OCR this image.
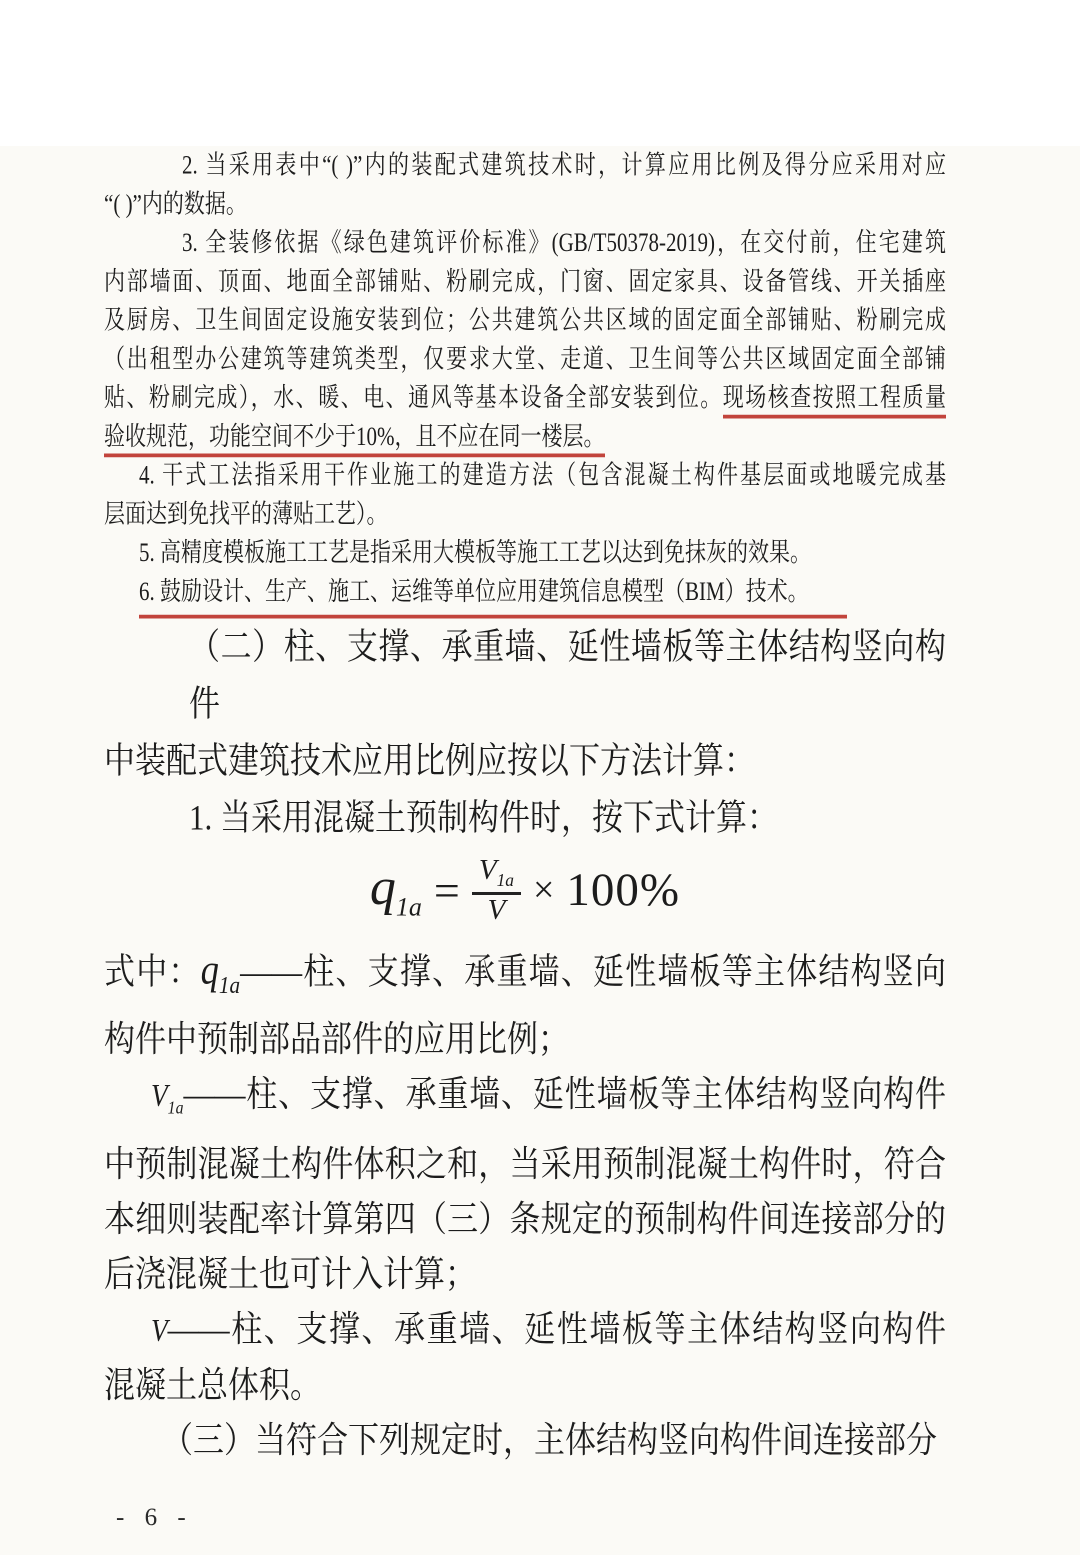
2. 当采用表中“( )”内的装配式建筑技术时，计算应用比例及得分应采用对应
“( )”内的数据。
3. 全装修依据《绿色建筑评价标准》(GB/T50378-2019)，在交付前，住宅建筑
内部墙面、顶面、地面全部铺贴、粉刷完成，门窗、固定家具、设备管线、开关插座
及厨房、卫生间固定设施安装到位；公共建筑公共区域的固定面全部铺贴、粉刷完成
（出租型办公建筑等建筑类型，仅要求大堂、走道、卫生间等公共区域固定面全部铺
贴、粉刷完成），水、暖、电、通风等基本设备全部安装到位。现场核查按照工程质量
验收规范，功能空间不少于10%，且不应在同一楼层。
4. 干式工法指采用干作业施工的建造方法（包含混凝土构件基层面或地暖完成基
层面达到免找平的薄贴工艺）。
5. 高精度模板施工工艺是指采用大模板等施工工艺以达到免抹灰的效果。
6. 鼓励设计、生产、施工、运维等单位应用建筑信息模型（BIM）技术。
（二）柱、支撑、承重墙、延性墙板等主体结构竖向构件
中装配式建筑技术应用比例应按以下方法计算：
1. 当采用混凝土预制构件时，按下式计算：
$q_{1a} = \frac{V_{1a}}{V} \times 100\%$
式中：$q_{1a}——$柱、支撑、承重墙、延性墙板等主体结构竖向
构件中预制部品部件的应用比例；
$V_{1a}——$柱、支撑、承重墙、延性墙板等主体结构竖向构件
中预制混凝土构件体积之和，当采用预制混凝土构件时，符合
本细则装配率计算第四（三）条规定的预制构件间连接部分的
后浇混凝土也可计入计算；
V——柱、支撑、承重墙、延性墙板等主体结构竖向构件
混凝土总体积。
（三）当符合下列规定时，主体结构竖向构件间连接部分
- 6 -
